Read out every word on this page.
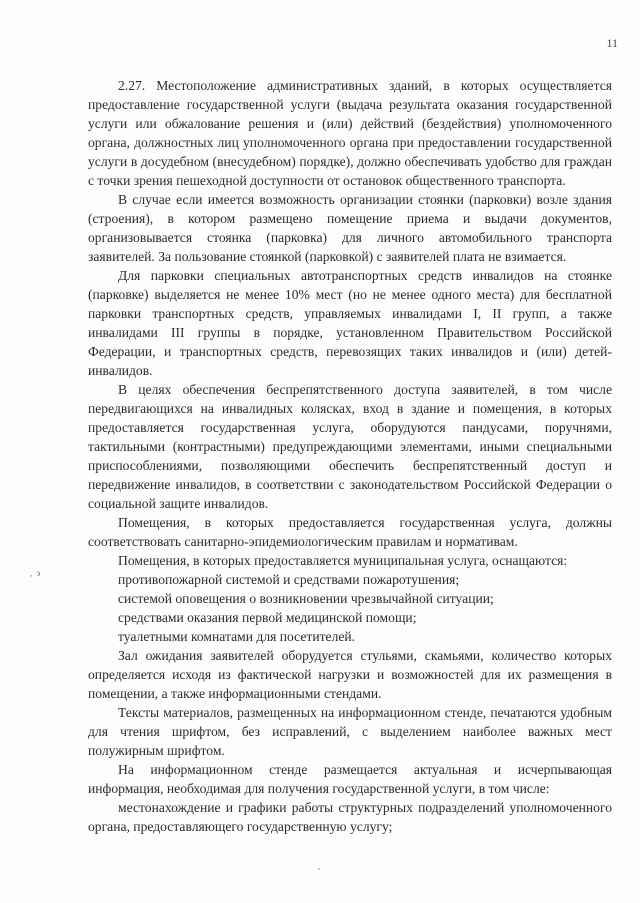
11
, э

2.27. Местоположение административных зданий, в которых осуществляется предоставление государственной услуги (выдача результата оказания государственной услуги или обжалование решения и (или) действий (бездействия) уполномоченного органа, должностных лиц уполномоченного органа при предоставлении государственной услуги в досудебном (внесудебном) порядке), должно обеспечивать удобство для граждан с точки зрения пешеходной доступности от остановок общественного транспорта.

В случае если имеется возможность организации стоянки (парковки) возле здания (строения), в котором размещено помещение приема и выдачи документов, организовывается стоянка (парковка) для личного автомобильного транспорта заявителей. За пользование стоянкой (парковкой) с заявителей плата не взимается.

Для парковки специальных автотранспортных средств инвалидов на стоянке (парковке) выделяется не менее 10% мест (но не менее одного места) для бесплатной парковки транспортных средств, управляемых инвалидами I, II групп, а также инвалидами III группы в порядке, установленном Правительством Российской Федерации, и транспортных средств, перевозящих таких инвалидов и (или) детей-инвалидов.

В целях обеспечения беспрепятственного доступа заявителей, в том числе передвигающихся на инвалидных колясках, вход в здание и помещения, в которых предоставляется государственная услуга, оборудуются пандусами, поручнями, тактильными (контрастными) предупреждающими элементами, иными специальными приспособлениями, позволяющими обеспечить беспрепятственный доступ и передвижение инвалидов, в соответствии с законодательством Российской Федерации о социальной защите инвалидов.

Помещения, в которых предоставляется государственная услуга, должны соответствовать санитарно-эпидемиологическим правилам и нормативам.

Помещения, в которых предоставляется муниципальная услуга, оснащаются:

противопожарной системой и средствами пожаротушения;

системой оповещения о возникновении чрезвычайной ситуации;

средствами оказания первой медицинской помощи;

туалетными комнатами для посетителей.

Зал ожидания заявителей оборудуется стульями, скамьями, количество которых определяется исходя из фактической нагрузки и возможностей для их размещения в помещении, а также информационными стендами.

Тексты материалов, размещенных на информационном стенде, печатаются удобным для чтения шрифтом, без исправлений, с выделением наиболее важных мест полужирным шрифтом.

На информационном стенде размещается актуальная и исчерпывающая информация, необходимая для получения государственной услуги, в том числе:

местонахождение и графики работы структурных подразделений уполномоченного органа, предоставляющего государственную услугу;
